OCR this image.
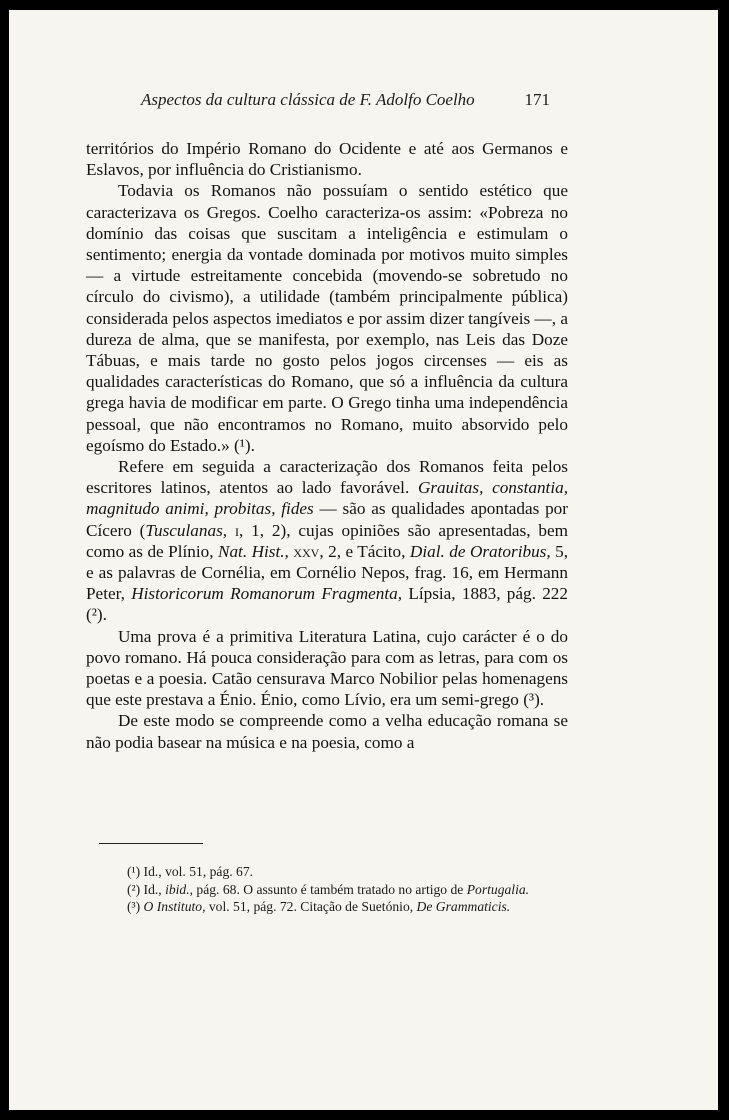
Aspectos da cultura clássica de F. Adolfo Coelho	171

territórios do Império Romano do Ocidente e até aos Germanos e Eslavos, por influência do Cristianismo.

Todavia os Romanos não possuíam o sentido estético que caracterizava os Gregos. Coelho caracteriza-os assim: «Pobreza no domínio das coisas que suscitam a inteligência e estimulam o sentimento; energia da vontade dominada por motivos muito simples — a virtude estreitamente concebida (movendo-se sobretudo no círculo do civismo), a utilidade (também principalmente pública) considerada pelos aspectos imediatos e por assim dizer tangíveis —, a dureza de alma, que se manifesta, por exemplo, nas Leis das Doze Tábuas, e mais tarde no gosto pelos jogos circenses — eis as qualidades características do Romano, que só a influência da cultura grega havia de modificar em parte. O Grego tinha uma independência pessoal, que não encontramos no Romano, muito absorvido pelo egoísmo do Estado.» (¹).

Refere em seguida a caracterização dos Romanos feita pelos escritores latinos, atentos ao lado favorável. Grauitas, constantia, magnitudo animi, probitas, fides — são as qualidades apontadas por Cícero (Tusculanas, i, 1, 2), cujas opiniões são apresentadas, bem como as de Plínio, Nat. Hist., xxv, 2, e Tácito, Dial. de Oratoribus, 5, e as palavras de Cornélia, em Cornélio Nepos, frag. 16, em Hermann Peter, Historicorum Romanorum Fragmenta, Lípsia, 1883, pág. 222 (²).

Uma prova é a primitiva Literatura Latina, cujo carácter é o do povo romano. Há pouca consideração para com as letras, para com os poetas e a poesia. Catão censurava Marco Nobilior pelas homenagens que este prestava a Énio. Énio, como Lívio, era um semi-grego (³).

De este modo se compreende como a velha educação romana se não podia basear na música e na poesia, como a

(¹) Id., vol. 51, pág. 67.

(²) Id., ibid., pág. 68. O assunto é também tratado no artigo de Portugalia.

(³) O Instituto, vol. 51, pág. 72. Citação de Suetónio, De Grammaticis.
